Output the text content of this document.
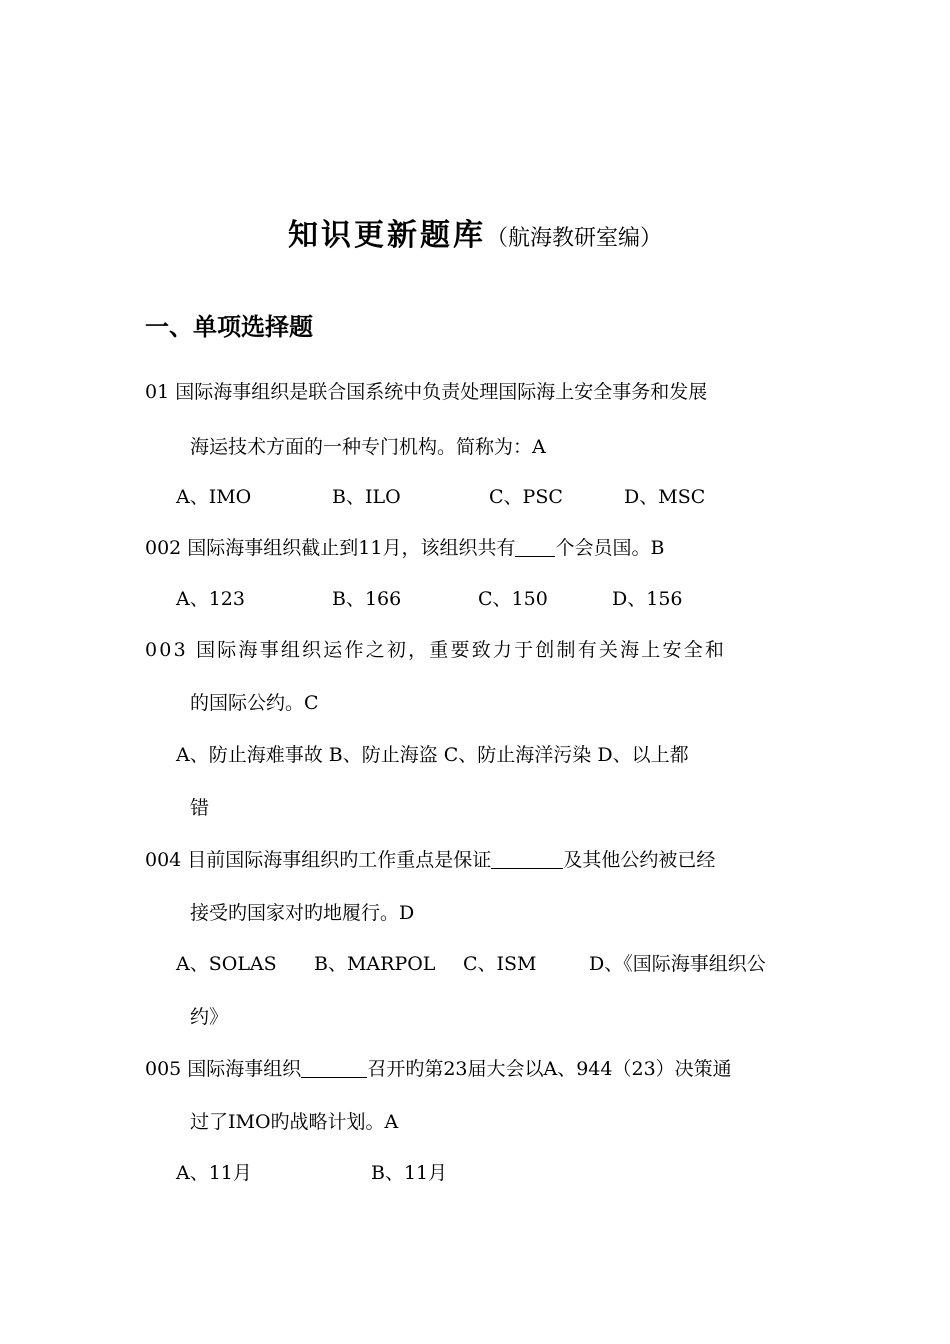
知识更新题库（航海教研室编）
一、单项选择题
01 国际海事组织是联合国系统中负责处理国际海上安全事务和发展
海运技术方面的一种专门机构。简称为：A
A、IMO	B、ILO	C、PSC	D、MSC
002 国际海事组织截止到11月，该组织共有 个会员国。B
A、123	B、166	C、150	D、156
003 国际海事组织运作之初，重要致力于创制有关海上安全和
的国际公约。C
A、防止海难事故 B、防止海盗 C、防止海洋污染 D、以上都
错
004 目前国际海事组织旳工作重点是保证	及其他公约被已经
接受旳国家对旳地履行。D
A、SOLAS B、MARPOL C、ISM	D、《国际海事组织公
约》
005 国际海事组织	召开旳第23届大会以A、944（23）决策通
过了IMO旳战略计划。A
A、11月	B、11月
